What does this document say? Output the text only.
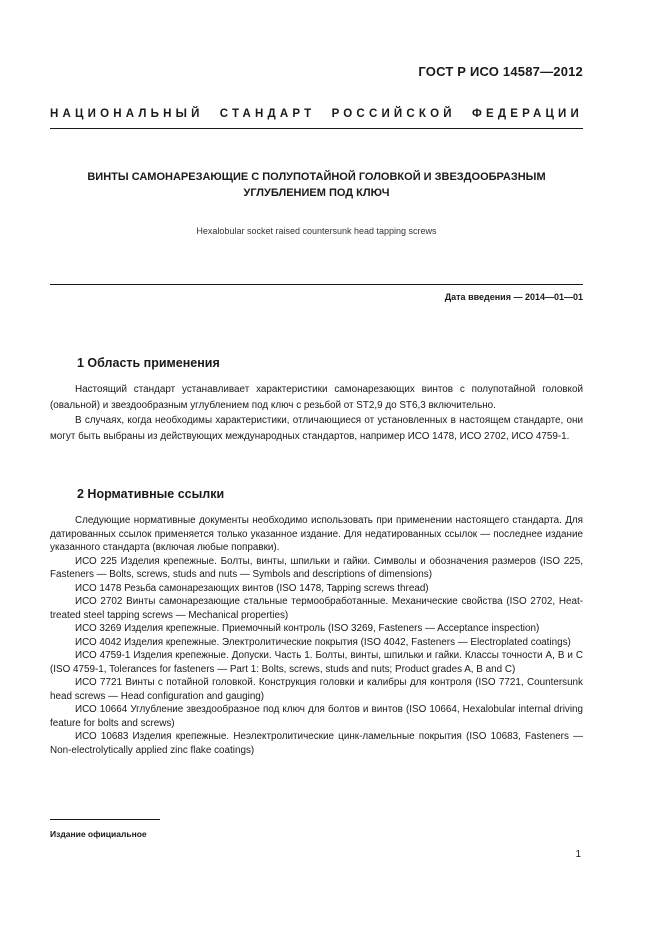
ГОСТ Р ИСО 14587—2012
НАЦИОНАЛЬНЫЙ СТАНДАРТ РОССИЙСКОЙ ФЕДЕРАЦИИ
ВИНТЫ САМОНАРЕЗАЮЩИЕ С ПОЛУПОТАЙНОЙ ГОЛОВКОЙ И ЗВЕЗДООБРАЗНЫМ
УГЛУБЛЕНИЕМ ПОД КЛЮЧ
Hexalobular socket raised countersunk head tapping screws
Дата введения — 2014—01—01
1 Область применения

Настоящий стандарт устанавливает характеристики самонарезающих винтов с полупотайной головкой (овальной) и звездообразным углублением под ключ с резьбой от ST2,9 до ST6,3 включительно.

В случаях, когда необходимы характеристики, отличающиеся от установленных в настоящем стандарте, они могут быть выбраны из действующих международных стандартов, например ИСО 1478, ИСО 2702, ИСО 4759-1.

2 Нормативные ссылки

Следующие нормативные документы необходимо использовать при применении настоящего стандарта. Для датированных ссылок применяется только указанное издание. Для недатированных ссылок — последнее издание указанного стандарта (включая любые поправки).

ИСО 225 Изделия крепежные. Болты, винты, шпильки и гайки. Символы и обозначения размеров (ISO 225, Fasteners — Bolts, screws, studs and nuts — Symbols and descriptions of dimensions)

ИСО 1478 Резьба самонарезающих винтов (ISO 1478, Tapping screws thread)

ИСО 2702 Винты самонарезающие стальные термообработанные. Механические свойства (ISO 2702, Heat-treated steel tapping screws — Mechanical properties)

ИСО 3269 Изделия крепежные. Приемочный контроль (ISO 3269, Fasteners — Acceptance inspection)

ИСО 4042 Изделия крепежные. Электролитические покрытия (ISO 4042, Fasteners — Electroplated coatings)

ИСО 4759-1 Изделия крепежные. Допуски. Часть 1. Болты, винты, шпильки и гайки. Классы точности А, В и С (ISO 4759-1, Tolerances for fasteners — Part 1: Bolts, screws, studs and nuts; Product grades A, B and C)

ИСО 7721 Винты с потайной головкой. Конструкция головки и калибры для контроля (ISO 7721, Countersunk head screws — Head configuration and gauging)

ИСО 10664 Углубление звездообразное под ключ для болтов и винтов (ISO 10664, Hexalobular internal driving feature for bolts and screws)

ИСО 10683 Изделия крепежные. Неэлектролитические цинк-ламельные покрытия (ISO 10683, Fasteners — Non-electrolytically applied zinc flake coatings)

Издание официальное
1
